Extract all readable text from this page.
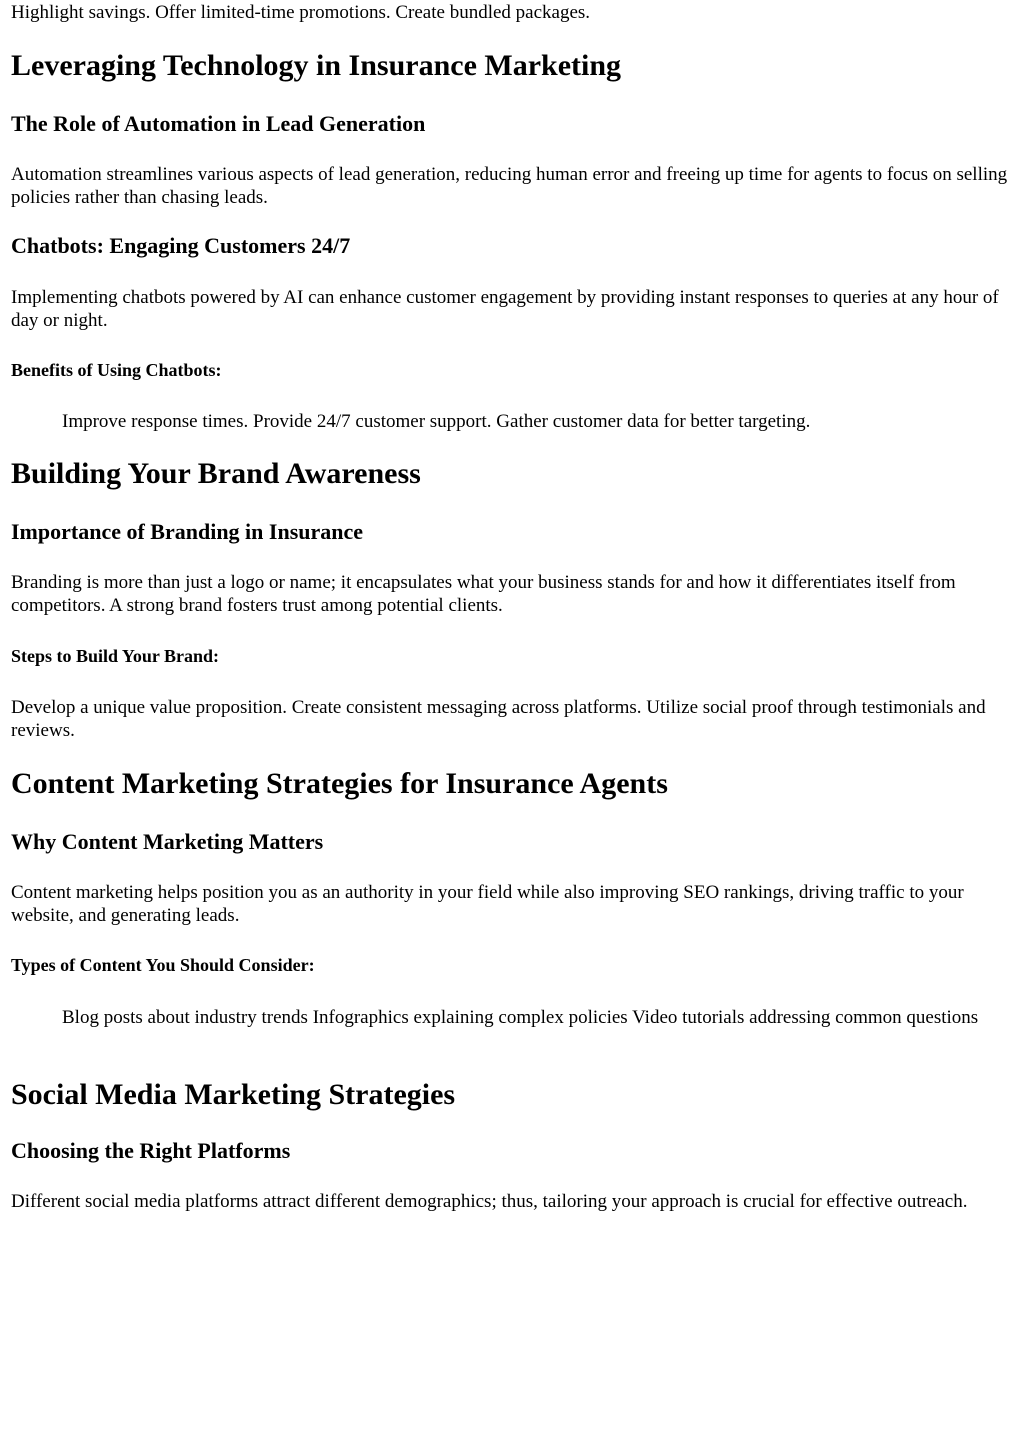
Highlight savings. Offer limited-time promotions. Create bundled packages.

Leveraging Technology in Insurance Marketing
The Role of Automation in Lead Generation

Automation streamlines various aspects of lead generation, reducing human error and freeing up time for agents to focus on selling policies rather than chasing leads.

Chatbots: Engaging Customers 24/7

Implementing chatbots powered by AI can enhance customer engagement by providing instant responses to queries at any hour of day or night.

Benefits of Using Chatbots:

Improve response times. Provide 24/7 customer support. Gather customer data for better targeting.

Building Your Brand Awareness
Importance of Branding in Insurance

Branding is more than just a logo or name; it encapsulates what your business stands for and how it differentiates itself from competitors. A strong brand fosters trust among potential clients.

Steps to Build Your Brand:

Develop a unique value proposition. Create consistent messaging across platforms. Utilize social proof through testimonials and reviews.

Content Marketing Strategies for Insurance Agents
Why Content Marketing Matters

Content marketing helps position you as an authority in your field while also improving SEO rankings, driving traffic to your website, and generating leads.

Types of Content You Should Consider:

Blog posts about industry trends Infographics explaining complex policies Video tutorials addressing common questions

Social Media Marketing Strategies
Choosing the Right Platforms

Different social media platforms attract different demographics; thus, tailoring your approach is crucial for effective outreach.
